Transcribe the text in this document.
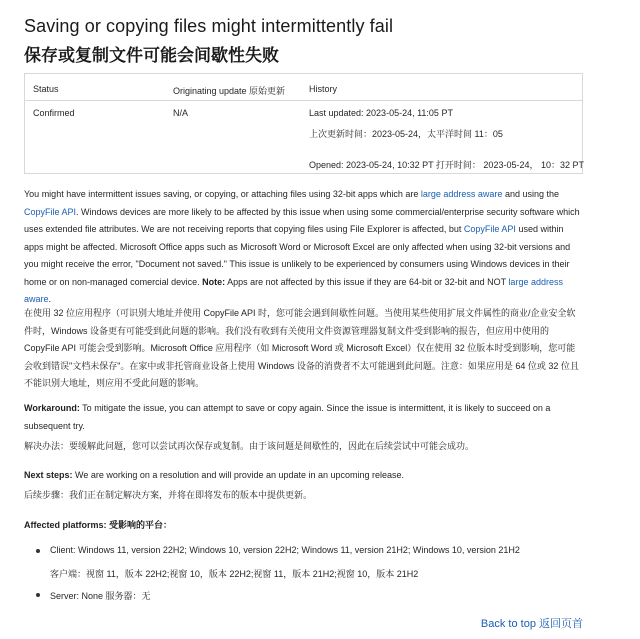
Saving or copying files might intermittently fail
保存或复制文件可能会间歇性失败
Status	Originating update 原始更新	History
Confirmed	N/A	Last updated: 2023-05-24, 11:05 PT
上次更新时间：2023-05-24，太平洋时间 11：05
Opened: 2023-05-24, 10:32 PT 打开时间： 2023-05-24， 10：32 PT

You might have intermittent issues saving, or copying, or attaching files using 32-bit apps which are large address aware and using the CopyFile API. Windows devices are more likely to be affected by this issue when using some commercial/enterprise security software which uses extended file attributes. We are not receiving reports that copying files using File Explorer is affected, but CopyFile API used within apps might be affected. Microsoft Office apps such as Microsoft Word or Microsoft Excel are only affected when using 32-bit versions and you might receive the error, "Document not saved." This issue is unlikely to be experienced by consumers using Windows devices in their home or on non-managed comercial device. Note: Apps are not affected by this issue if they are 64-bit or 32-bit and NOT large address aware.

在使用 32 位应用程序（可识别大地址并使用 CopyFile API 时，您可能会遇到间歇性问题。当使用某些使用扩展文件属性的商业/企业安全软件时，Windows 设备更有可能受到此问题的影响。我们没有收到有关使用文件资源管理器复制文件受到影响的报告，但应用中使用的 CopyFile API 可能会受到影响。Microsoft Office 应用程序（如 Microsoft Word 或 Microsoft Excel）仅在使用 32 位版本时受到影响，您可能会收到错误"文档未保存"。在家中或非托管商业设备上使用 Windows 设备的消费者不太可能遇到此问题。注意：如果应用是 64 位或 32 位且不能识别大地址，则应用不受此问题的影响。

Workaround: To mitigate the issue, you can attempt to save or copy again. Since the issue is intermittent, it is likely to succeed on a subsequent try.

解决办法：要缓解此问题，您可以尝试再次保存或复制。由于该问题是间歇性的，因此在后续尝试中可能会成功。

Next steps: We are working on a resolution and will provide an update in an upcoming release.

后续步骤：我们正在制定解决方案，并将在即将发布的版本中提供更新。

Affected platforms: 受影响的平台：

Client: Windows 11, version 22H2; Windows 10, version 22H2; Windows 11, version 21H2; Windows 10, version 21H2
客户端：视窗 11，版本 22H2;视窗 10，版本 22H2;视窗 11，版本 21H2;视窗 10，版本 21H2
Server: None 服务器：无
Back to top 返回页首
